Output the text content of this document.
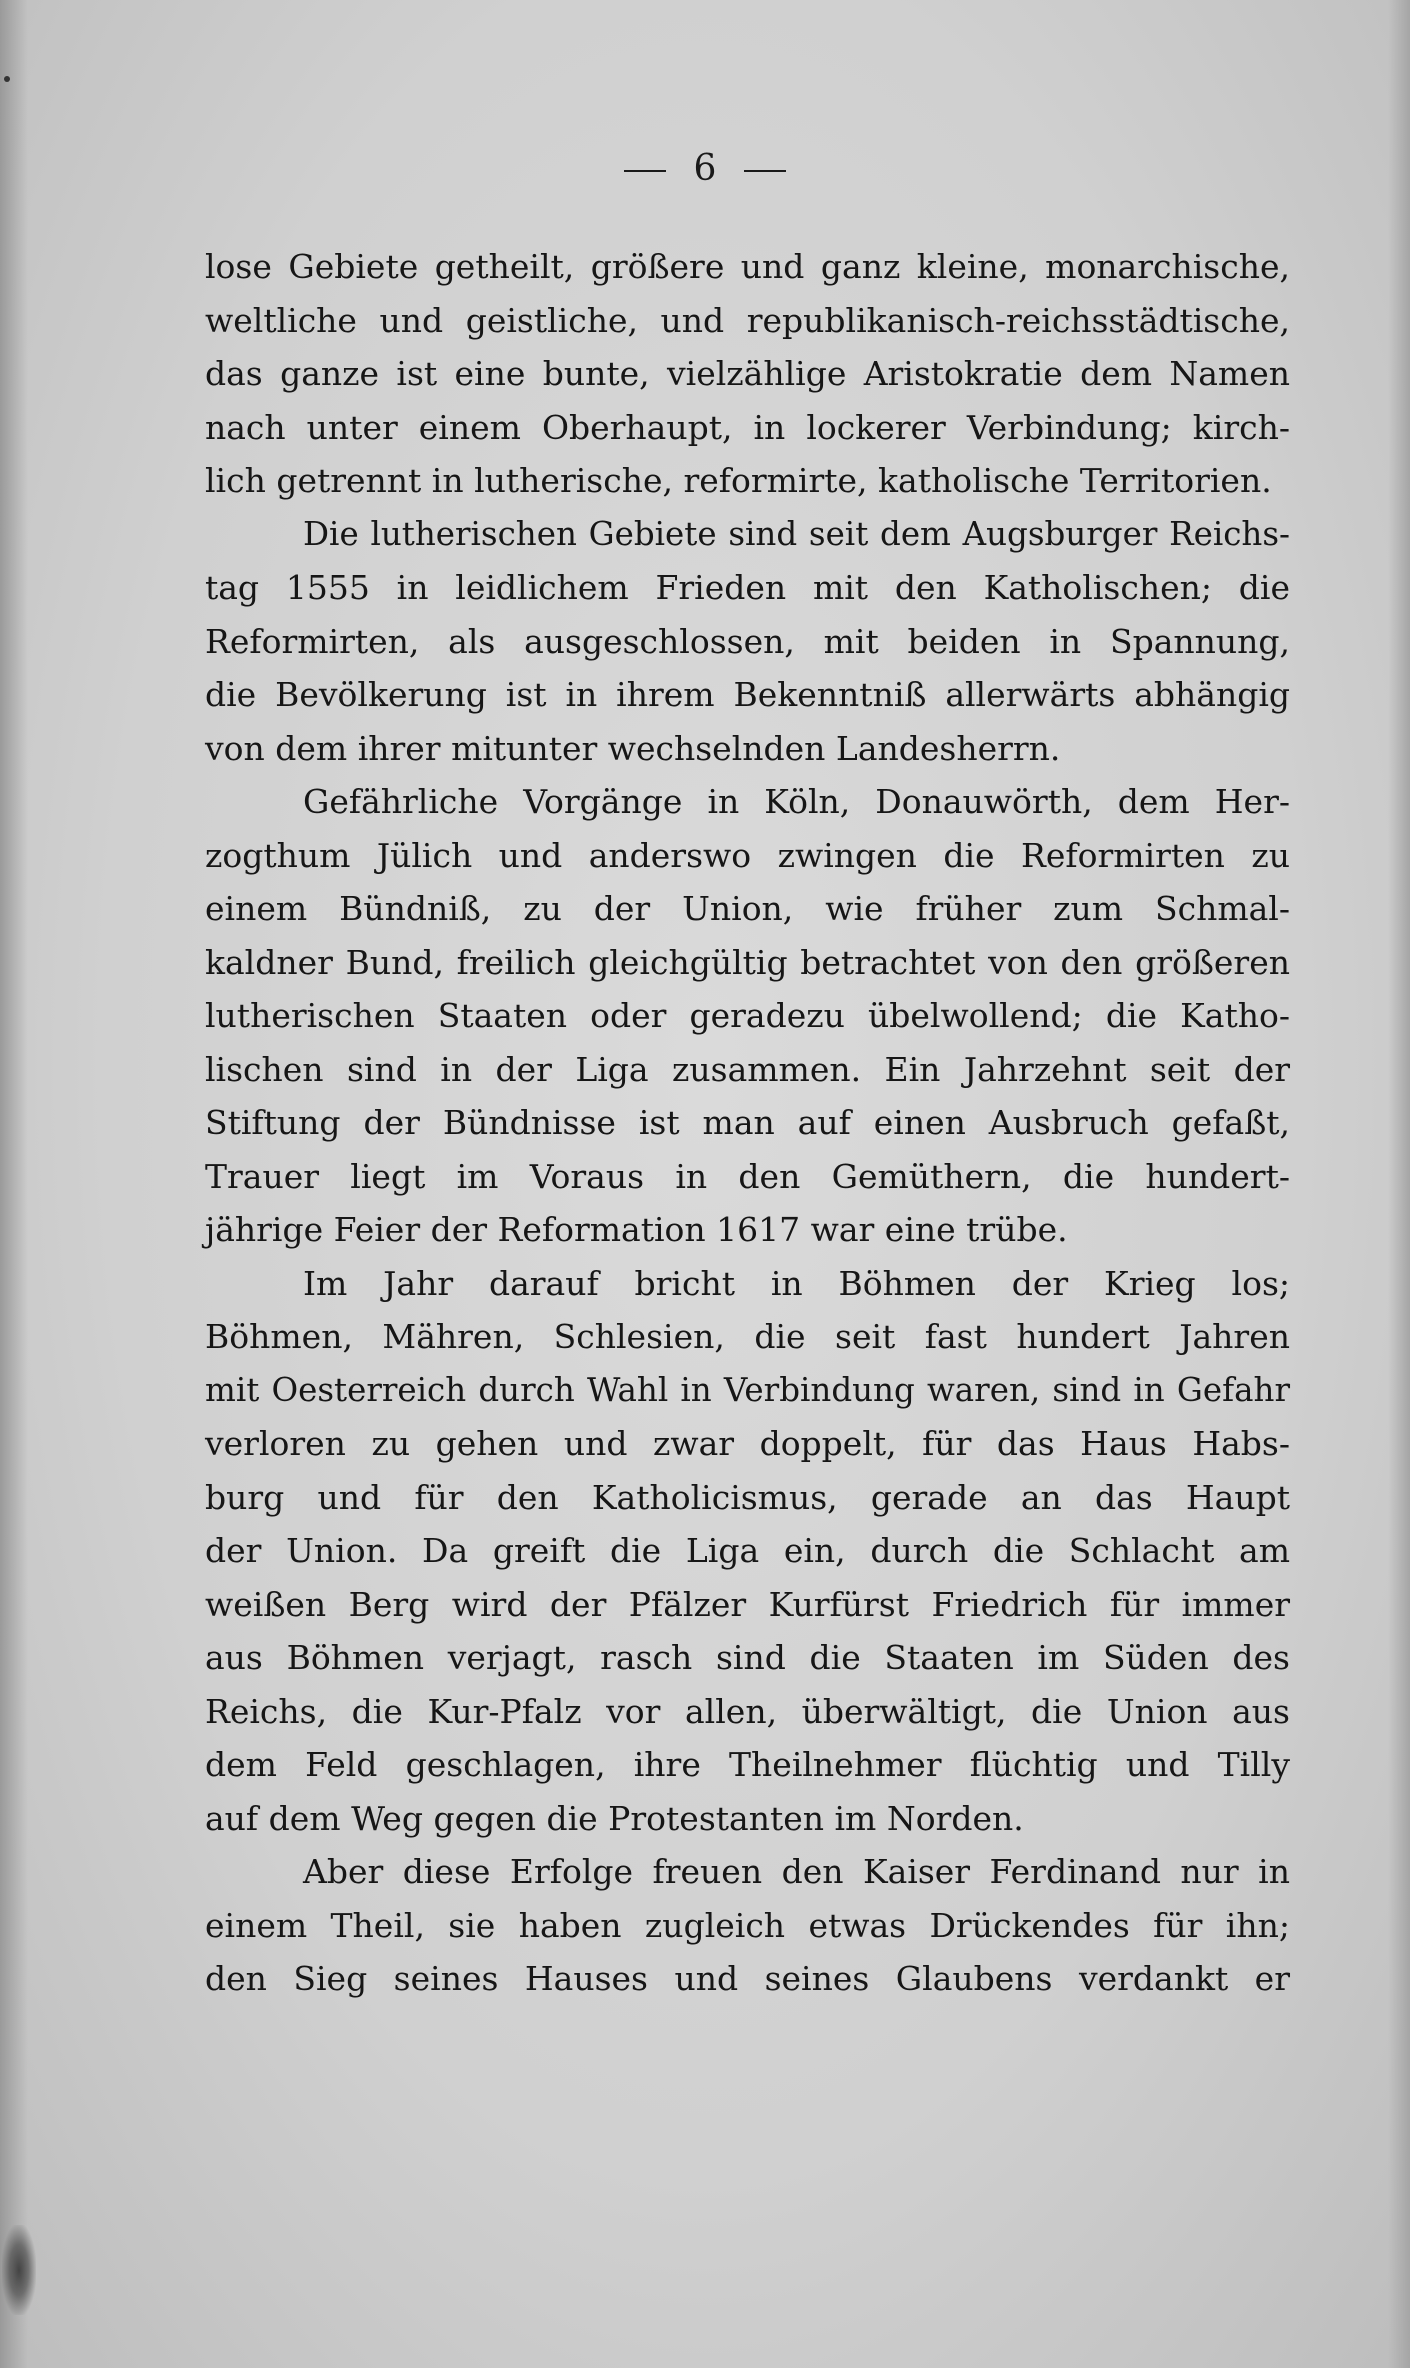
6
lose Gebiete getheilt, größere und ganz kleine, monarchische,
weltliche und geistliche, und republikanisch-reichsstädtische,
das ganze ist eine bunte, vielzählige Aristokratie dem Namen
nach unter einem Oberhaupt, in lockerer Verbindung; kirch-
lich getrennt in lutherische, reformirte, katholische Territorien.
Die lutherischen Gebiete sind seit dem Augsburger Reichs-
tag 1555 in leidlichem Frieden mit den Katholischen; die
Reformirten, als ausgeschlossen, mit beiden in Spannung,
die Bevölkerung ist in ihrem Bekenntniß allerwärts abhängig
von dem ihrer mitunter wechselnden Landesherrn.
Gefährliche Vorgänge in Köln, Donauwörth, dem Her-
zogthum Jülich und anderswo zwingen die Reformirten zu
einem Bündniß, zu der Union, wie früher zum Schmal-
kaldner Bund, freilich gleichgültig betrachtet von den größeren
lutherischen Staaten oder geradezu übelwollend; die Katho-
lischen sind in der Liga zusammen. Ein Jahrzehnt seit der
Stiftung der Bündnisse ist man auf einen Ausbruch gefaßt,
Trauer liegt im Voraus in den Gemüthern, die hundert-
jährige Feier der Reformation 1617 war eine trübe.
Im Jahr darauf bricht in Böhmen der Krieg los;
Böhmen, Mähren, Schlesien, die seit fast hundert Jahren
mit Oesterreich durch Wahl in Verbindung waren, sind in Gefahr
verloren zu gehen und zwar doppelt, für das Haus Habs-
burg und für den Katholicismus, gerade an das Haupt
der Union. Da greift die Liga ein, durch die Schlacht am
weißen Berg wird der Pfälzer Kurfürst Friedrich für immer
aus Böhmen verjagt, rasch sind die Staaten im Süden des
Reichs, die Kur-Pfalz vor allen, überwältigt, die Union aus
dem Feld geschlagen, ihre Theilnehmer flüchtig und Tilly
auf dem Weg gegen die Protestanten im Norden.
Aber diese Erfolge freuen den Kaiser Ferdinand nur in
einem Theil, sie haben zugleich etwas Drückendes für ihn;
den Sieg seines Hauses und seines Glaubens verdankt er
